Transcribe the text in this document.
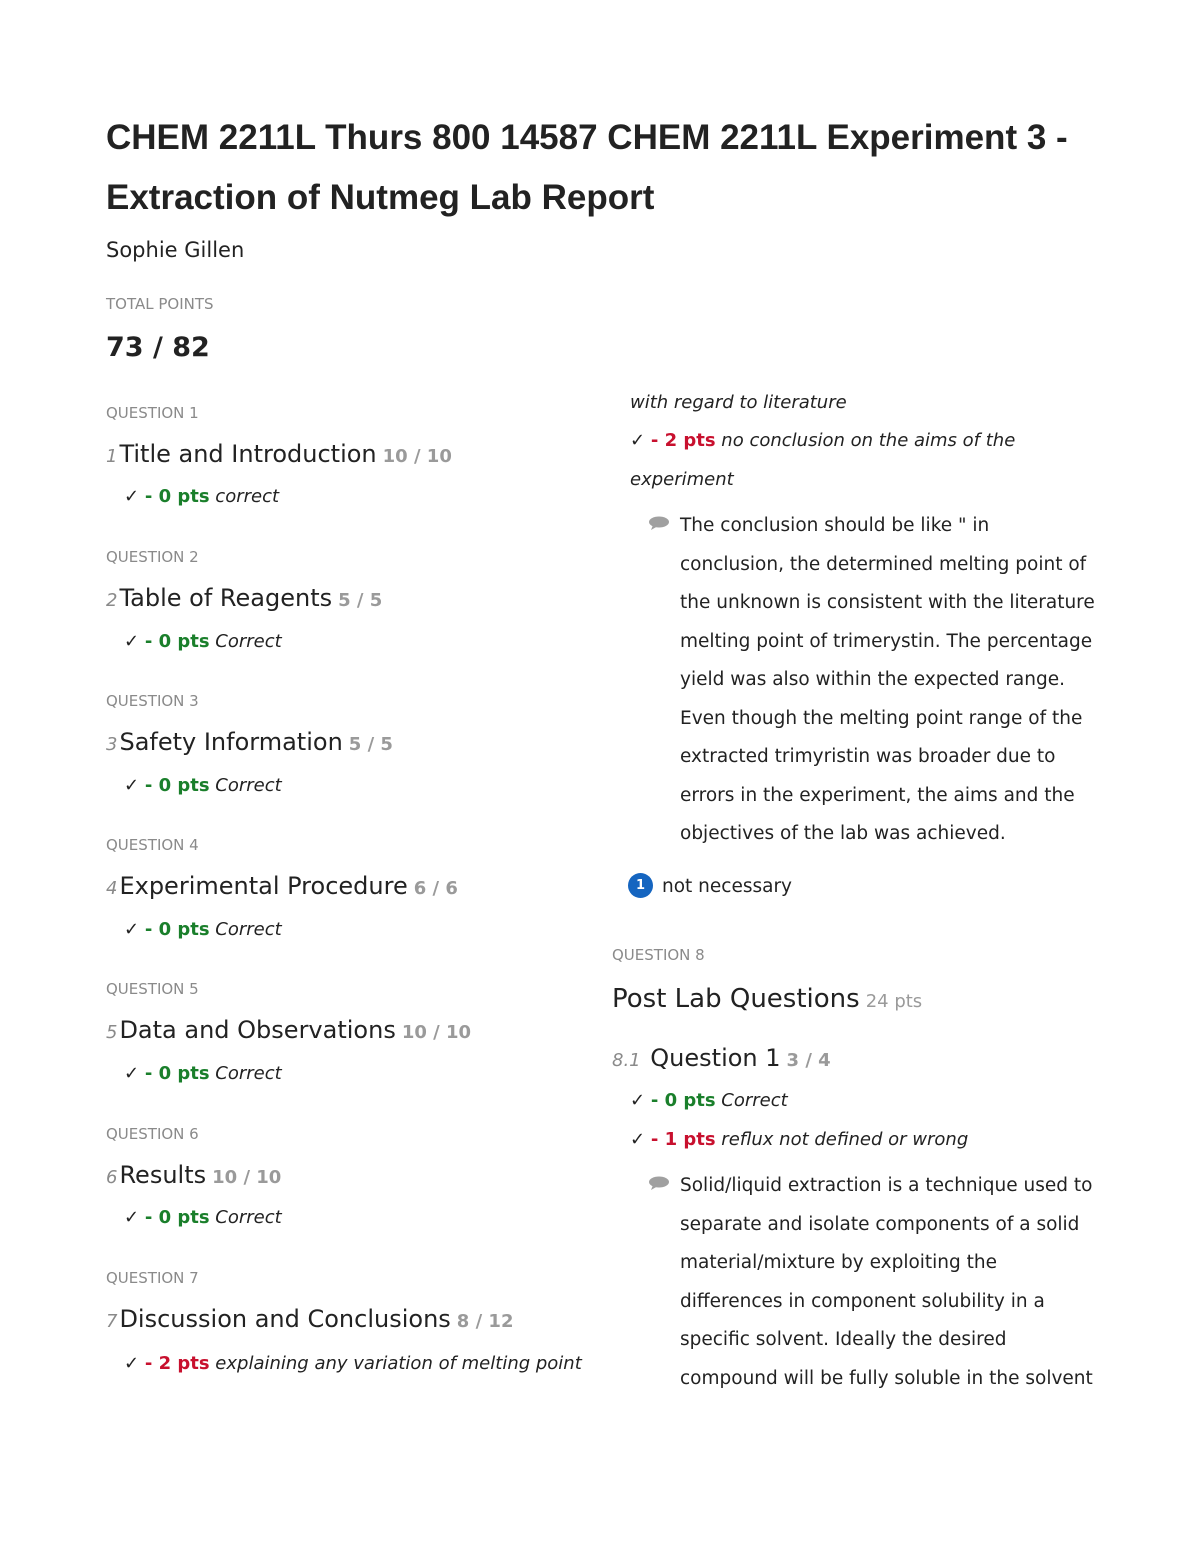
CHEM 2211L Thurs 800 14587 CHEM 2211L Experiment 3 - Extraction of Nutmeg Lab Report
Sophie Gillen
TOTAL POINTS
73 / 82
QUESTION 1
1Title and Introduction 10 / 10
✓ - 0 pts correct
QUESTION 2
2Table of Reagents 5 / 5
✓ - 0 pts Correct
QUESTION 3
3Safety Information 5 / 5
✓ - 0 pts Correct
QUESTION 4
4Experimental Procedure 6 / 6
✓ - 0 pts Correct
QUESTION 5
5Data and Observations 10 / 10
✓ - 0 pts Correct
QUESTION 6
6Results 10 / 10
✓ - 0 pts Correct
QUESTION 7
7Discussion and Conclusions 8 / 12
✓ - 2 pts explaining any variation of melting point
with regard to literature
✓ - 2 pts no conclusion on the aims of the
experiment
The conclusion should be like " in
conclusion, the determined melting point of
the unknown is consistent with the literature
melting point of trimerystin. The percentage
yield was also within the expected range.
Even though the melting point range of the
extracted trimyristin was broader due to
errors in the experiment, the aims and the
objectives of the lab was achieved.
1 not necessary
QUESTION 8
Post Lab Questions 24 pts
8.1 Question 1 3 / 4
✓ - 0 pts Correct
✓ - 1 pts reflux not defined or wrong
Solid/liquid extraction is a technique used to
separate and isolate components of a solid
material/mixture by exploiting the
differences in component solubility in a
specific solvent. Ideally the desired
compound will be fully soluble in the solvent
